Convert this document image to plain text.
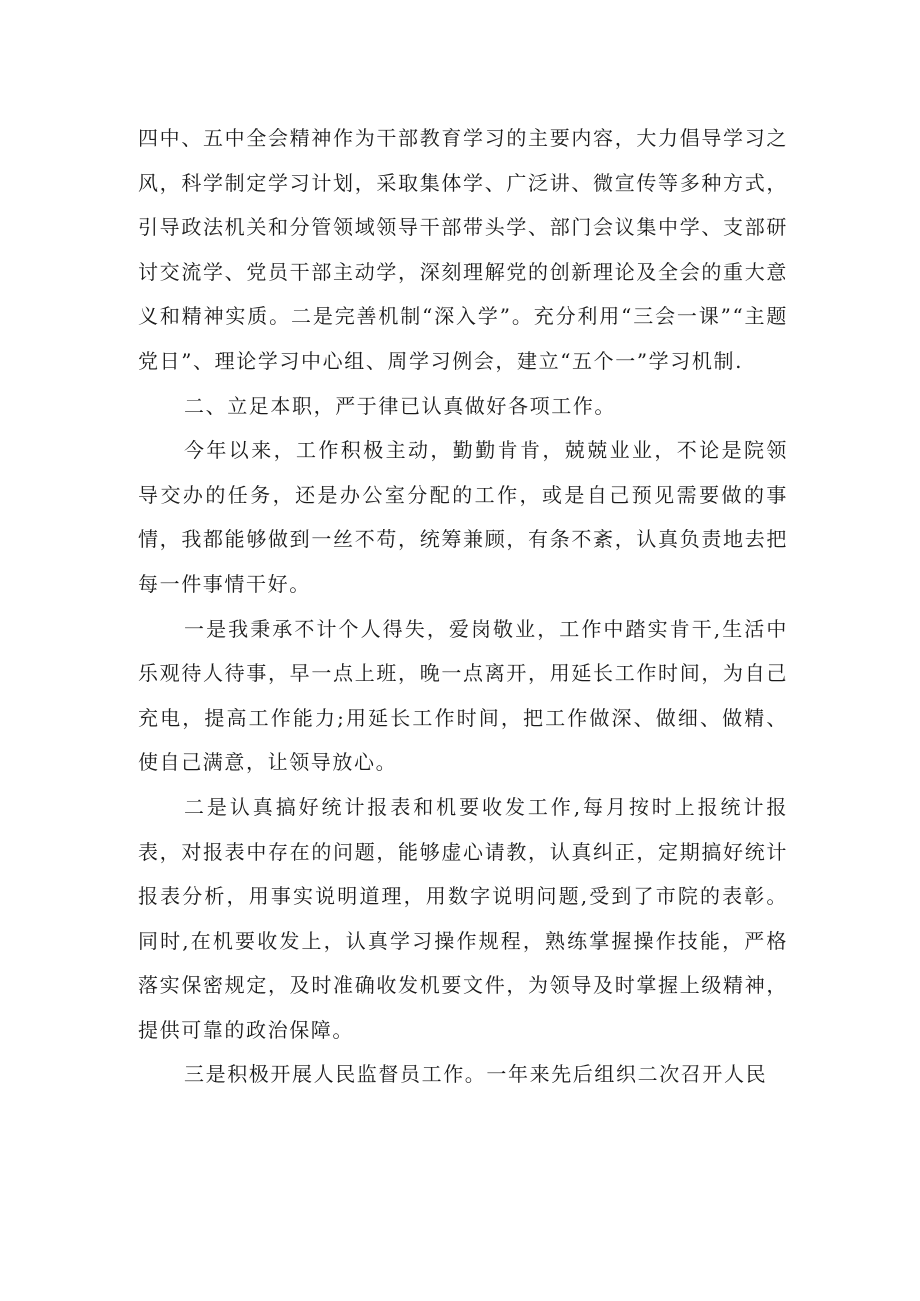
四中、五中全会精神作为干部教育学习的主要内容，大力倡导学习之风，科学制定学习计划，采取集体学、广泛讲、微宣传等多种方式，引导政法机关和分管领域领导干部带头学、部门会议集中学、支部研讨交流学、党员干部主动学，深刻理解党的创新理论及全会的重大意义和精神实质。二是完善机制“深入学”。充分利用“三会一课”“主题党日”、理论学习中心组、周学习例会，建立“五个一”学习机制.

二、立足本职，严于律已认真做好各项工作。

今年以来，工作积极主动，勤勤肯肯，兢兢业业，不论是院领导交办的任务，还是办公室分配的工作，或是自己预见需要做的事情，我都能够做到一丝不苟，统筹兼顾，有条不紊，认真负责地去把每一件事情干好。

一是我秉承不计个人得失，爱岗敬业，工作中踏实肯干,生活中乐观待人待事，早一点上班，晚一点离开，用延长工作时间，为自己充电，提高工作能力;用延长工作时间，把工作做深、做细、做精、使自己满意，让领导放心。

二是认真搞好统计报表和机要收发工作,每月按时上报统计报表，对报表中存在的问题，能够虚心请教，认真纠正，定期搞好统计报表分析，用事实说明道理，用数字说明问题,受到了市院的表彰。同时,在机要收发上，认真学习操作规程，熟练掌握操作技能，严格落实保密规定，及时准确收发机要文件，为领导及时掌握上级精神，提供可靠的政治保障。

三是积极开展人民监督员工作。一年来先后组织二次召开人民
